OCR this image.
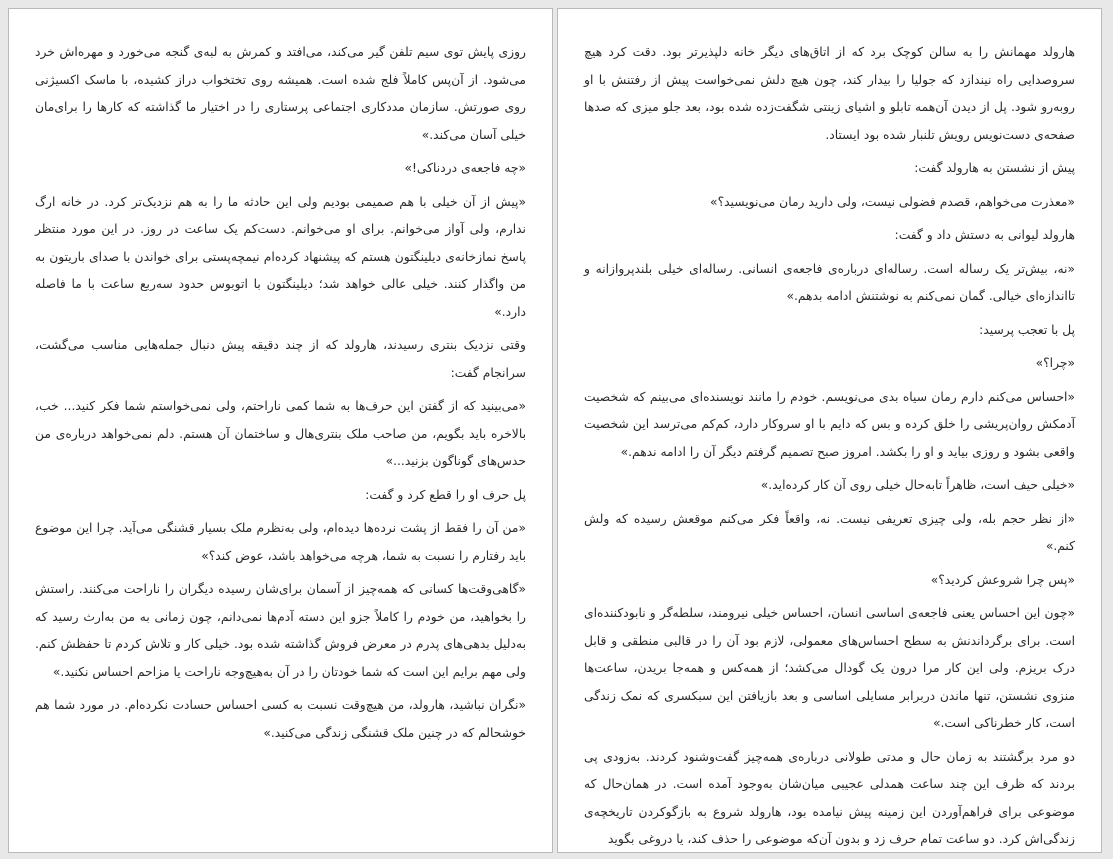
روزی پایش توی سیم تلفن گیر می‌کند، می‌افتد و کمرش به لبه‌ی گنجه می‌خورد و مهره‌اش خرد می‌شود. از آن‌پس کاملاً فلج شده است. همیشه روی تختخواب دراز کشیده، با ماسک اکسیژنی روی صورتش. سازمان مددکاری اجتماعی پرستاری را در اختیار ما گذاشته که کارها را برای‌مان خیلی آسان می‌کند.»

«چه فاجعه‌ی دردناکی!»

«پیش از آن خیلی با هم صمیمی بودیم ولی این حادثه ما را به هم نزدیک‌تر کرد. در خانه ارگ ندارم، ولی آواز می‌خوانم. برای او می‌خوانم. دست‌کم یک ساعت در روز. در این مورد منتظر پاسخ نمازخانه‌ی دیلینگتون هستم که پیشنهاد کرده‌ام نیمچه‌پستی برای خواندن با صدای باریتون به من واگذار کنند. خیلی عالی خواهد شد؛ دیلینگتون با اتوبوس حدود سه‌ربع ساعت با ما فاصله دارد.»

وقتی نزدیک بنتری رسیدند، هارولد که از چند دقیقه پیش دنبال جمله‌هایی مناسب می‌گشت، سرانجام گفت:

«می‌بینید که از گفتن این حرف‌ها به شما کمی ناراحتم، ولی نمی‌خواستم شما فکر کنید... خب، بالاخره باید بگویم، من صاحب ملک بنتری‌هال و ساختمان آن هستم. دلم نمی‌خواهد درباره‌ی من حدس‌های گوناگون بزنید...»

پل حرف او را قطع کرد و گفت:

«من آن را فقط از پشت نرده‌ها دیده‌ام، ولی به‌نظرم ملک بسیار قشنگی می‌آید. چرا این موضوع باید رفتارم را نسبت به شما، هرچه می‌خواهد باشد، عوض کند؟»

«گاهی‌وقت‌ها کسانی که همه‌چیز از آسمان برای‌شان رسیده دیگران را ناراحت می‌کنند. راستش را بخواهید، من خودم را کاملاً جزو این دسته آدم‌ها نمی‌دانم، چون زمانی به من به‌ارث رسید که به‌دلیل بدهی‌های پدرم در معرض فروش گذاشته شده بود. خیلی کار و تلاش کردم تا حفظش کنم. ولی مهم برایم این است که شما خودتان را در آن به‌هیچ‌وجه ناراحت یا مزاحم احساس نکنید.»

«نگران نباشید، هارولد، من هیچ‌وقت نسبت به کسی احساس حسادت نکرده‌ام. در مورد شما هم خوشحالم که در چنین ملک قشنگی زندگی می‌کنید.»

هارولد مهمانش را به سالن کوچک برد که از اتاق‌های دیگر خانه دلپذیرتر بود. دقت کرد هیچ سروصدایی راه نیندازد که جولیا را بیدار کند، چون هیچ دلش نمی‌خواست پیش از رفتنش با او روبه‌رو شود. پل از دیدن آن‌همه تابلو و اشیای زینتی شگفت‌زده شده بود، بعد جلو میزی که صدها صفحه‌ی دست‌نویس رویش تلنبار شده بود ایستاد.

پیش از نشستن به هارولد گفت:

«معذرت می‌خواهم، قصدم فضولی نیست، ولی دارید رمان می‌نویسید؟»

هارولد لیوانی به دستش داد و گفت:

«نه، بیش‌تر یک رساله است. رساله‌ای درباره‌ی فاجعه‌ی انسانی. رساله‌ای خیلی بلندپروازانه و تاانداز‌ه‌ای خیالی. گمان نمی‌کنم به نوشتنش ادامه بدهم.»

پل با تعجب پرسید:

«چرا؟»

«احساس می‌کنم دارم رمان سیاه بدی می‌نویسم. خودم را مانند نویسنده‌ای می‌بینم که شخصیت آدمکش روان‌پریشی را خلق کرده و بس که دایم با او سروکار دارد، کم‌کم می‌ترسد این شخصیت واقعی بشود و روزی بیاید و او را بکشد. امروز صبح تصمیم گرفتم دیگر آن را ادامه ندهم.»

«خیلی حیف است، ظاهراً تابه‌حال خیلی روی آن کار کرده‌اید.»

«از نظر حجم بله، ولی چیزی تعریفی نیست. نه، واقعاً فکر می‌کنم موقعش رسیده که ولش کنم.»

«پس چرا شروعش کردید؟»

«چون این احساس یعنی فاجعه‌ی اساسی انسان، احساس خیلی نیرومند، سلطه‌گر و نابودکننده‌ای است. برای برگرداندنش به سطح احساس‌های معمولی، لازم بود آن را در قالبی منطقی و قابل درک بریزم. ولی این کار مرا درون یک گودال می‌کشد؛ از همه‌کس و همه‌جا بریدن، ساعت‌ها منزوی نشستن، تنها ماندن دربرابر مسایلی اساسی و بعد بازیافتن این سبکسری که نمک زندگی است، کار خطرناکی است.»

دو مرد برگشتند به زمان حال و مدتی طولانی درباره‌ی همه‌چیز گفت‌وشنود کردند. به‌زودی پی بردند که ظرف این چند ساعت همدلی عجیبی میان‌شان به‌وجود آمده است. در همان‌حال که موضوعی برای فراهم‌آوردن این زمینه پیش نیامده بود، هارولد شروع به بازگوکردن تاریخچه‌ی زندگی‌اش کرد. دو ساعت تمام حرف زد و بدون آن‌که موضوعی را حذف کند، یا دروغی بگوید
